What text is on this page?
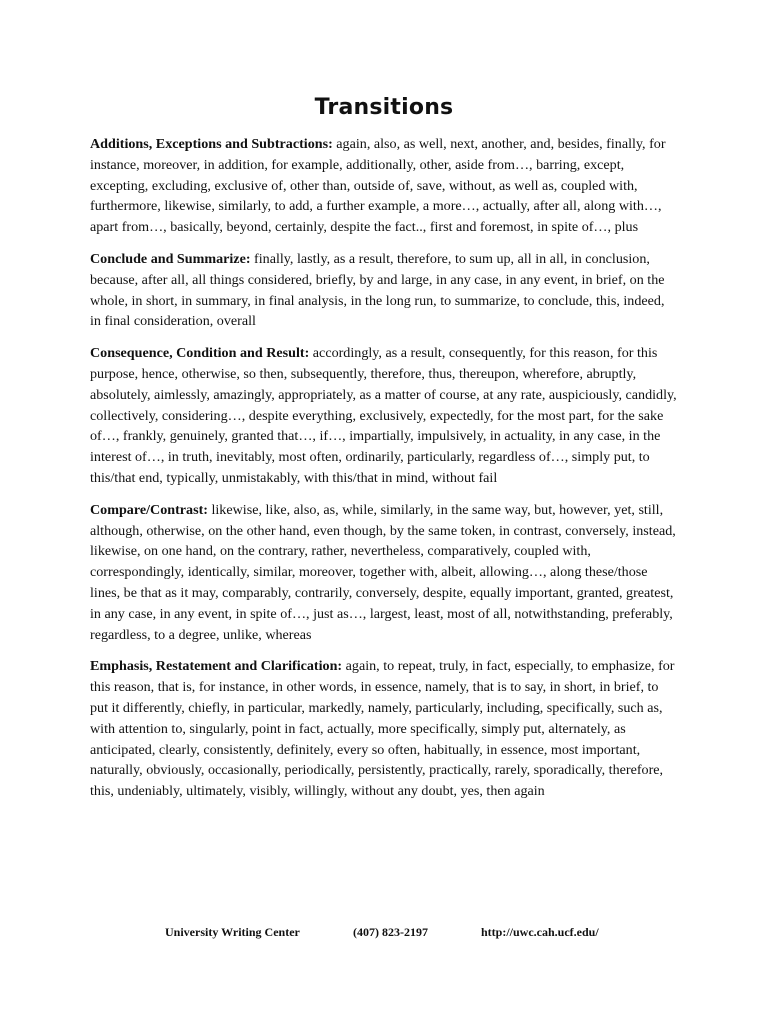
Transitions

Additions, Exceptions and Subtractions: again, also, as well, next, another, and, besides, finally, for instance, moreover, in addition, for example, additionally, other, aside from…, barring, except, excepting, excluding, exclusive of, other than, outside of, save, without, as well as, coupled with, furthermore, likewise, similarly, to add, a further example, a more…, actually, after all, along with…, apart from…, basically, beyond, certainly, despite the fact.., first and foremost, in spite of…, plus

Conclude and Summarize: finally, lastly, as a result, therefore, to sum up, all in all, in conclusion, because, after all, all things considered, briefly, by and large, in any case, in any event, in brief, on the whole, in short, in summary, in final analysis, in the long run, to summarize, to conclude, this, indeed, in final consideration, overall

Consequence, Condition and Result: accordingly, as a result, consequently, for this reason, for this purpose, hence, otherwise, so then, subsequently, therefore, thus, thereupon, wherefore, abruptly, absolutely, aimlessly, amazingly, appropriately, as a matter of course, at any rate, auspiciously, candidly, collectively, considering…, despite everything, exclusively, expectedly, for the most part, for the sake of…, frankly, genuinely, granted that…, if…, impartially, impulsively, in actuality, in any case, in the interest of…, in truth, inevitably, most often, ordinarily, particularly, regardless of…, simply put, to this/that end, typically, unmistakably, with this/that in mind, without fail

Compare/Contrast: likewise, like, also, as, while, similarly, in the same way, but, however, yet, still, although, otherwise, on the other hand, even though, by the same token, in contrast, conversely, instead, likewise, on one hand, on the contrary, rather, nevertheless, comparatively, coupled with, correspondingly, identically, similar, moreover, together with, albeit, allowing…, along these/those lines, be that as it may, comparably, contrarily, conversely, despite, equally important, granted, greatest, in any case, in any event, in spite of…, just as…, largest, least, most of all, notwithstanding, preferably, regardless, to a degree, unlike, whereas

Emphasis, Restatement and Clarification: again, to repeat, truly, in fact, especially, to emphasize, for this reason, that is, for instance, in other words, in essence, namely, that is to say, in short, in brief, to put it differently, chiefly, in particular, markedly, namely, particularly, including, specifically, such as, with attention to, singularly, point in fact, actually, more specifically, simply put, alternately, as anticipated, clearly, consistently, definitely, every so often, habitually, in essence, most important, naturally, obviously, occasionally, periodically, persistently, practically, rarely, sporadically, therefore, this, undeniably, ultimately, visibly, willingly, without any doubt, yes, then again

University Writing Center	(407) 823-2197	http://uwc.cah.ucf.edu/
